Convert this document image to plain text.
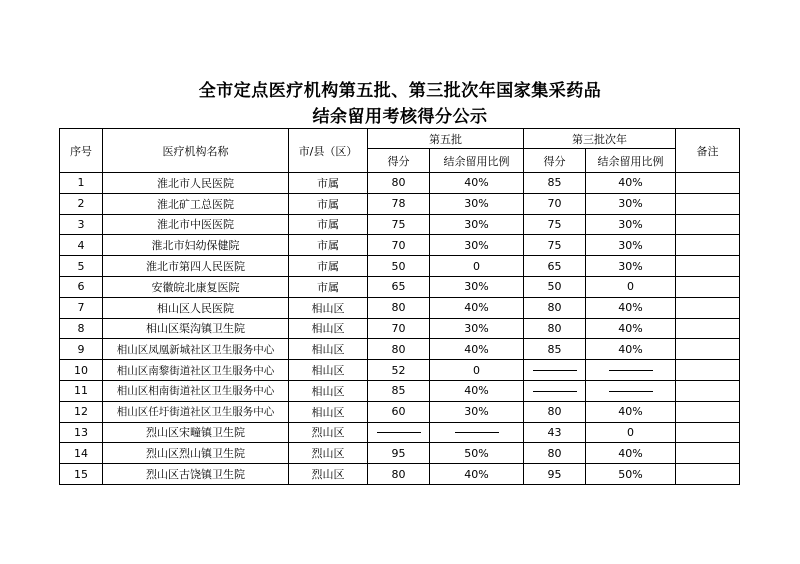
全市定点医疗机构第五批、第三批次年国家集采药品
结余留用考核得分公示
序号	医疗机构名称	市/县（区）	第五批		第三批次年		备注
			得分	结余留用比例	得分	结余留用比例	
1	淮北市人民医院	市属	80	40%	85	40%	
2	淮北矿工总医院	市属	78	30%	70	30%	
3	淮北市中医医院	市属	75	30%	75	30%	
4	淮北市妇幼保健院	市属	70	30%	75	30%	
5	淮北市第四人民医院	市属	50	0	65	30%	
6	安徽皖北康复医院	市属	65	30%	50	0	
7	相山区人民医院	相山区	80	40%	80	40%	
8	相山区渠沟镇卫生院	相山区	70	30%	80	40%	
9	相山区凤凰新城社区卫生服务中心	相山区	80	40%	85	40%	
10	相山区南黎街道社区卫生服务中心	相山区	52	0			
11	相山区相南街道社区卫生服务中心	相山区	85	40%			
12	相山区任圩街道社区卫生服务中心	相山区	60	30%	80	40%	
13	烈山区宋疃镇卫生院	烈山区			43	0	
14	烈山区烈山镇卫生院	烈山区	95	50%	80	40%	
15	烈山区古饶镇卫生院	烈山区	80	40%	95	50%	
